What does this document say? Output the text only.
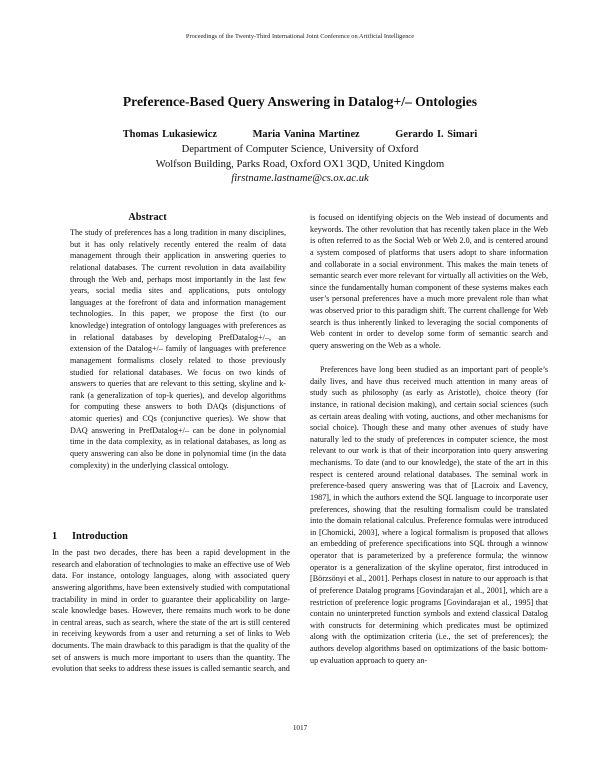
Proceedings of the Twenty-Third International Joint Conference on Artificial Intelligence
Preference-Based Query Answering in Datalog+/– Ontologies
Thomas Lukasiewicz	Maria Vanina Martinez	Gerardo I. Simari
Department of Computer Science, University of Oxford
Wolfson Building, Parks Road, Oxford OX1 3QD, United Kingdom
firstname.lastname@cs.ox.ac.uk
Abstract

The study of preferences has a long tradition in many disciplines, but it has only relatively recently entered the realm of data management through their application in answering queries to relational databases. The current revolution in data availability through the Web and, perhaps most importantly in the last few years, social media sites and applications, puts ontology languages at the forefront of data and information management technologies. In this paper, we propose the first (to our knowledge) integration of ontology languages with preferences as in relational databases by developing PrefDatalog+/–, an extension of the Datalog+/– family of languages with preference management formalisms closely related to those previously studied for relational databases. We focus on two kinds of answers to queries that are relevant to this setting, skyline and k-rank (a generalization of top-k queries), and develop algorithms for computing these answers to both DAQs (disjunctions of atomic queries) and CQs (conjunctive queries). We show that DAQ answering in PrefDatalog+/– can be done in polynomial time in the data complexity, as in relational databases, as long as query answering can also be done in polynomial time (in the data complexity) in the underlying classical ontology.

1 Introduction

In the past two decades, there has been a rapid development in the research and elaboration of technologies to make an effective use of Web data. For instance, ontology languages, along with associated query answering algorithms, have been extensively studied with computational tractability in mind in order to guarantee their applicability on large-scale knowledge bases. However, there remains much work to be done in central areas, such as search, where the state of the art is still centered in receiving keywords from a user and returning a set of links to Web documents. The main drawback to this paradigm is that the quality of the set of answers is much more important to users than the quantity. The evolution that seeks to address these issues is called semantic search, and

is focused on identifying objects on the Web instead of documents and keywords. The other revolution that has recently taken place in the Web is often referred to as the Social Web or Web 2.0, and is centered around a system composed of platforms that users adopt to share information and collaborate in a social environment. This makes the main tenets of semantic search ever more relevant for virtually all activities on the Web, since the fundamentally human component of these systems makes each user’s personal preferences have a much more prevalent role than what was observed prior to this paradigm shift. The current challenge for Web search is thus inherently linked to leveraging the social components of Web content in order to develop some form of semantic search and query answering on the Web as a whole.

Preferences have long been studied as an important part of people’s daily lives, and have thus received much attention in many areas of study such as philosophy (as early as Aristotle), choice theory (for instance, in rational decision making), and certain social sciences (such as certain areas dealing with voting, auctions, and other mechanisms for social choice). Though these and many other avenues of study have naturally led to the study of preferences in computer science, the most relevant to our work is that of their incorporation into query answering mechanisms. To date (and to our knowledge), the state of the art in this respect is centered around relational databases. The seminal work in preference-based query answering was that of [Lacroix and Lavency, 1987], in which the authors extend the SQL language to incorporate user preferences, showing that the resulting formalism could be translated into the domain relational calculus. Preference formulas were introduced in [Chomicki, 2003], where a logical formalism is proposed that allows an embedding of preference specifications into SQL through a winnow operator that is parameterized by a preference formula; the winnow operator is a generalization of the skyline operator, first introduced in [Börzsönyi et al., 2001]. Perhaps closest in nature to our approach is that of preference Datalog programs [Govindarajan et al., 2001], which are a restriction of preference logic programs [Govindarajan et al., 1995] that contain no uninterpreted function symbols and extend classical Datalog with constructs for determining which predicates must be optimized along with the optimization criteria (i.e., the set of preferences); the authors develop algorithms based on optimizations of the basic bottom-up evaluation approach to query an-

1017
